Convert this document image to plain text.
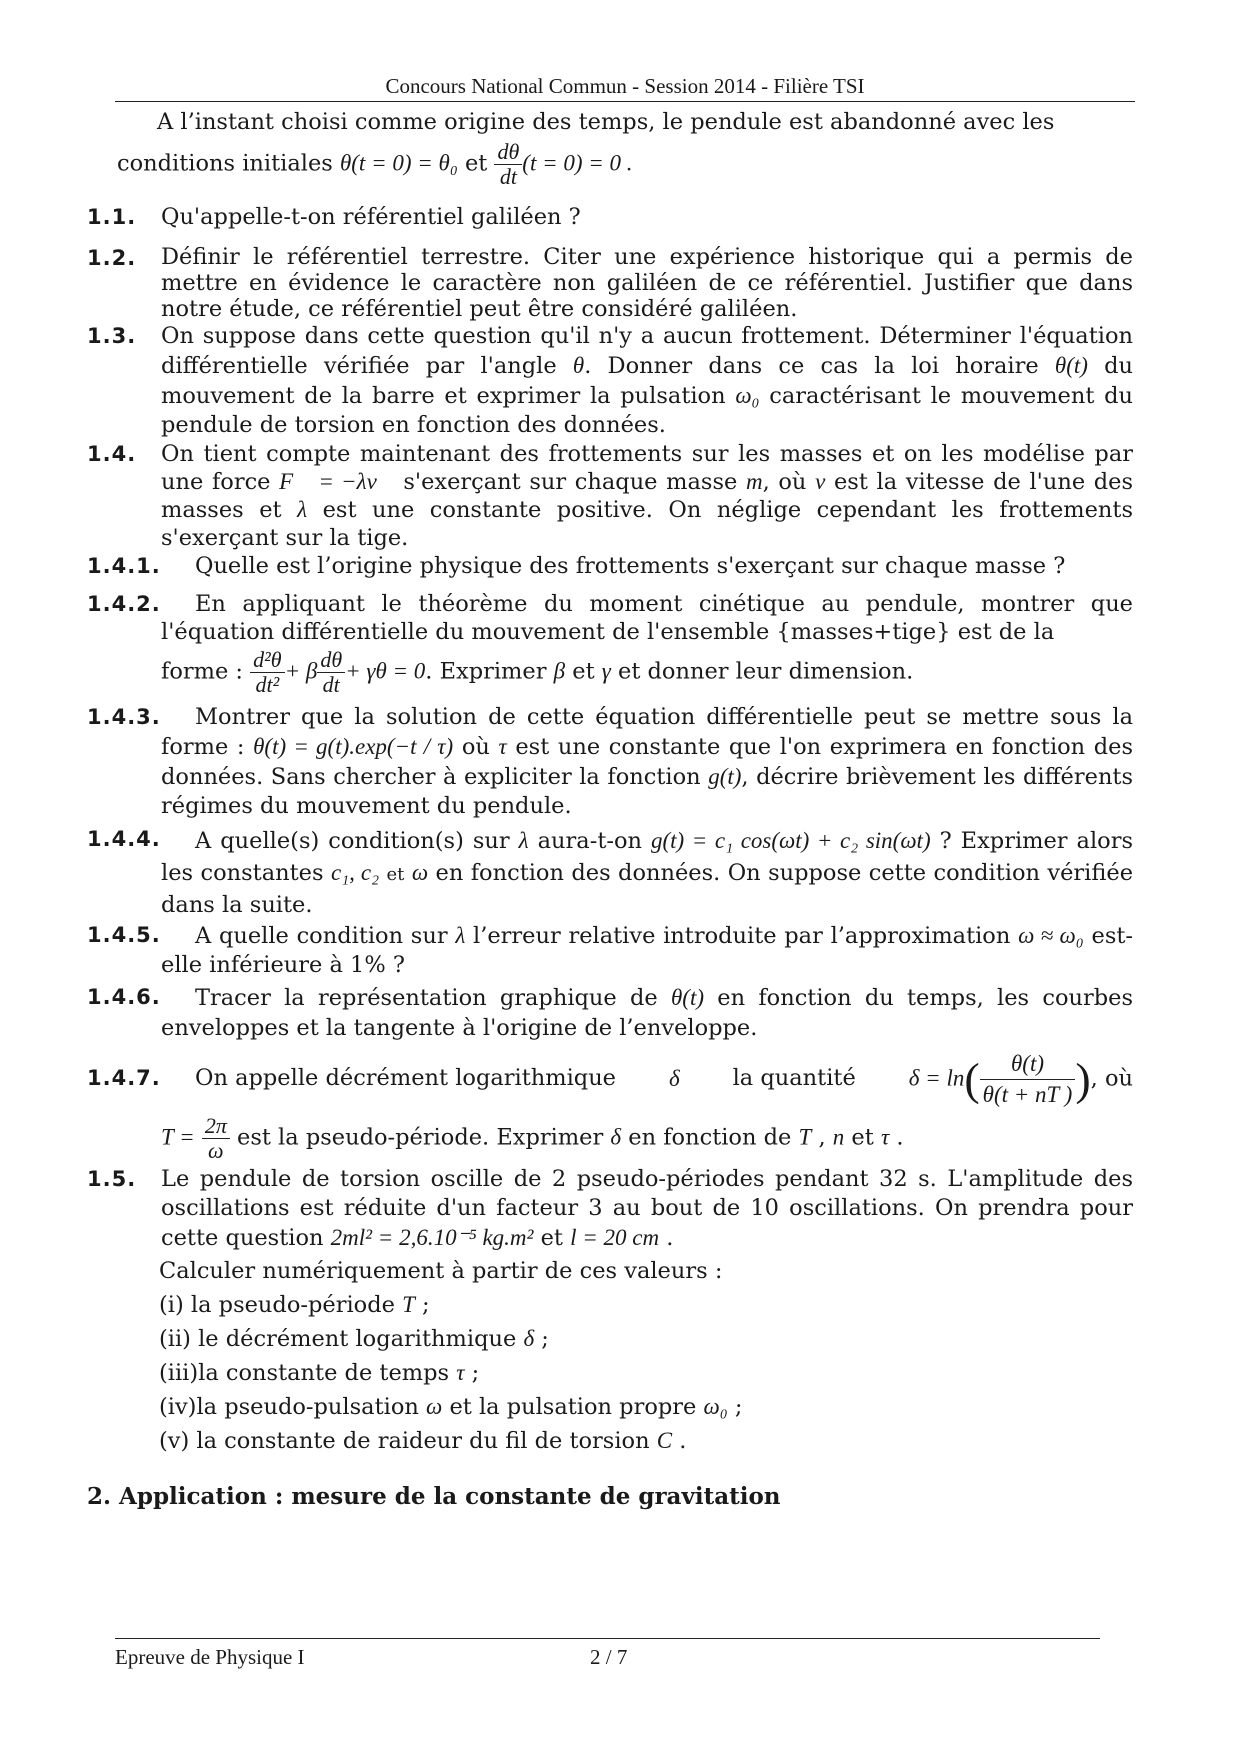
Concours National Commun - Session 2014 - Filière TSI
A l’instant choisi comme origine des temps, le pendule est abandonné avec les
conditions initiales θ(t = 0) = θ₀ et $\frac{d\theta}{dt} (t = 0) = 0$ .
1.1.	Qu'appelle-t-on référentiel galiléen ?
1.2.	Définir le référentiel terrestre. Citer une expérience historique qui a permis de mettre en évidence le caractère non galiléen de ce référentiel. Justifier que dans notre étude, ce référentiel peut être considéré galiléen.
1.3.	On suppose dans cette question qu'il n'y a aucun frottement. Déterminer l'équation différentielle vérifiée par l'angle θ. Donner dans ce cas la loi horaire θ(t) du mouvement de la barre et exprimer la pulsation ω₀ caractérisant le mouvement du pendule de torsion en fonction des données.
1.4.	On tient compte maintenant des frottements sur les masses et on les modélise par une force F⃗ = −λv⃗ s'exerçant sur chaque masse m, où v est la vitesse de l'une des masses et λ est une constante positive. On néglige cependant les frottements s'exerçant sur la tige.
1.4.1.	Quelle est l’origine physique des frottements s'exerçant sur chaque masse ?
1.4.2.	En appliquant le théorème du moment cinétique au pendule, montrer que l'équation différentielle du mouvement de l'ensemble {masses+tige} est de la
forme : $\frac{\text{d²θ}}{\text{dt²}} + \beta \frac{d\theta}{dt} + \gamma\theta = 0$. Exprimer β et γ et donner leur dimension.
1.4.3.	Montrer que la solution de cette équation différentielle peut se mettre sous la forme : θ(t) = g(t).exp(−t / τ) où τ est une constante que l'on exprimera en fonction des données. Sans chercher à expliciter la fonction g(t), décrire brièvement les différents régimes du mouvement du pendule.
1.4.4.	A quelle(s) condition(s) sur λ aura-t-on g(t) = c₁ cos(ωt) + c₂ sin(ωt) ? Exprimer alors les constantes c₁, c₂ et ω en fonction des données. On suppose cette condition vérifiée dans la suite.
1.4.5.	A quelle condition sur λ l’erreur relative introduite par l’approximation ω ≈ ω₀ est-elle inférieure à 1% ?
1.4.6.	Tracer la représentation graphique de θ(t) en fonction du temps, les courbes enveloppes et la tangente à l'origine de l’enveloppe.
1.4.7.	On appelle décrément logarithmique δ la quantité $\delta = \ln( \frac{\theta(t)}{\theta(t + nT )}$ ), où
$T = \frac{2\pi}{\omega}$ est la pseudo-période. Exprimer δ en fonction de T , n et τ .
1.5.	Le pendule de torsion oscille de 2 pseudo-périodes pendant 32 s. L'amplitude des oscillations est réduite d'un facteur 3 au bout de 10 oscillations. On prendra pour cette question 2ml² = 2,6.10⁻⁵ kg.m² et l = 20 cm .
Calculer numériquement à partir de ces valeurs :
(i) la pseudo-période T ;
(ii) le décrément logarithmique δ ;
(iii)la constante de temps τ ;
(iv)la pseudo-pulsation ω et la pulsation propre ω₀ ;
(v) la constante de raideur du fil de torsion C .
2. Application : mesure de la constante de gravitation
Epreuve de Physique I	2 / 7
